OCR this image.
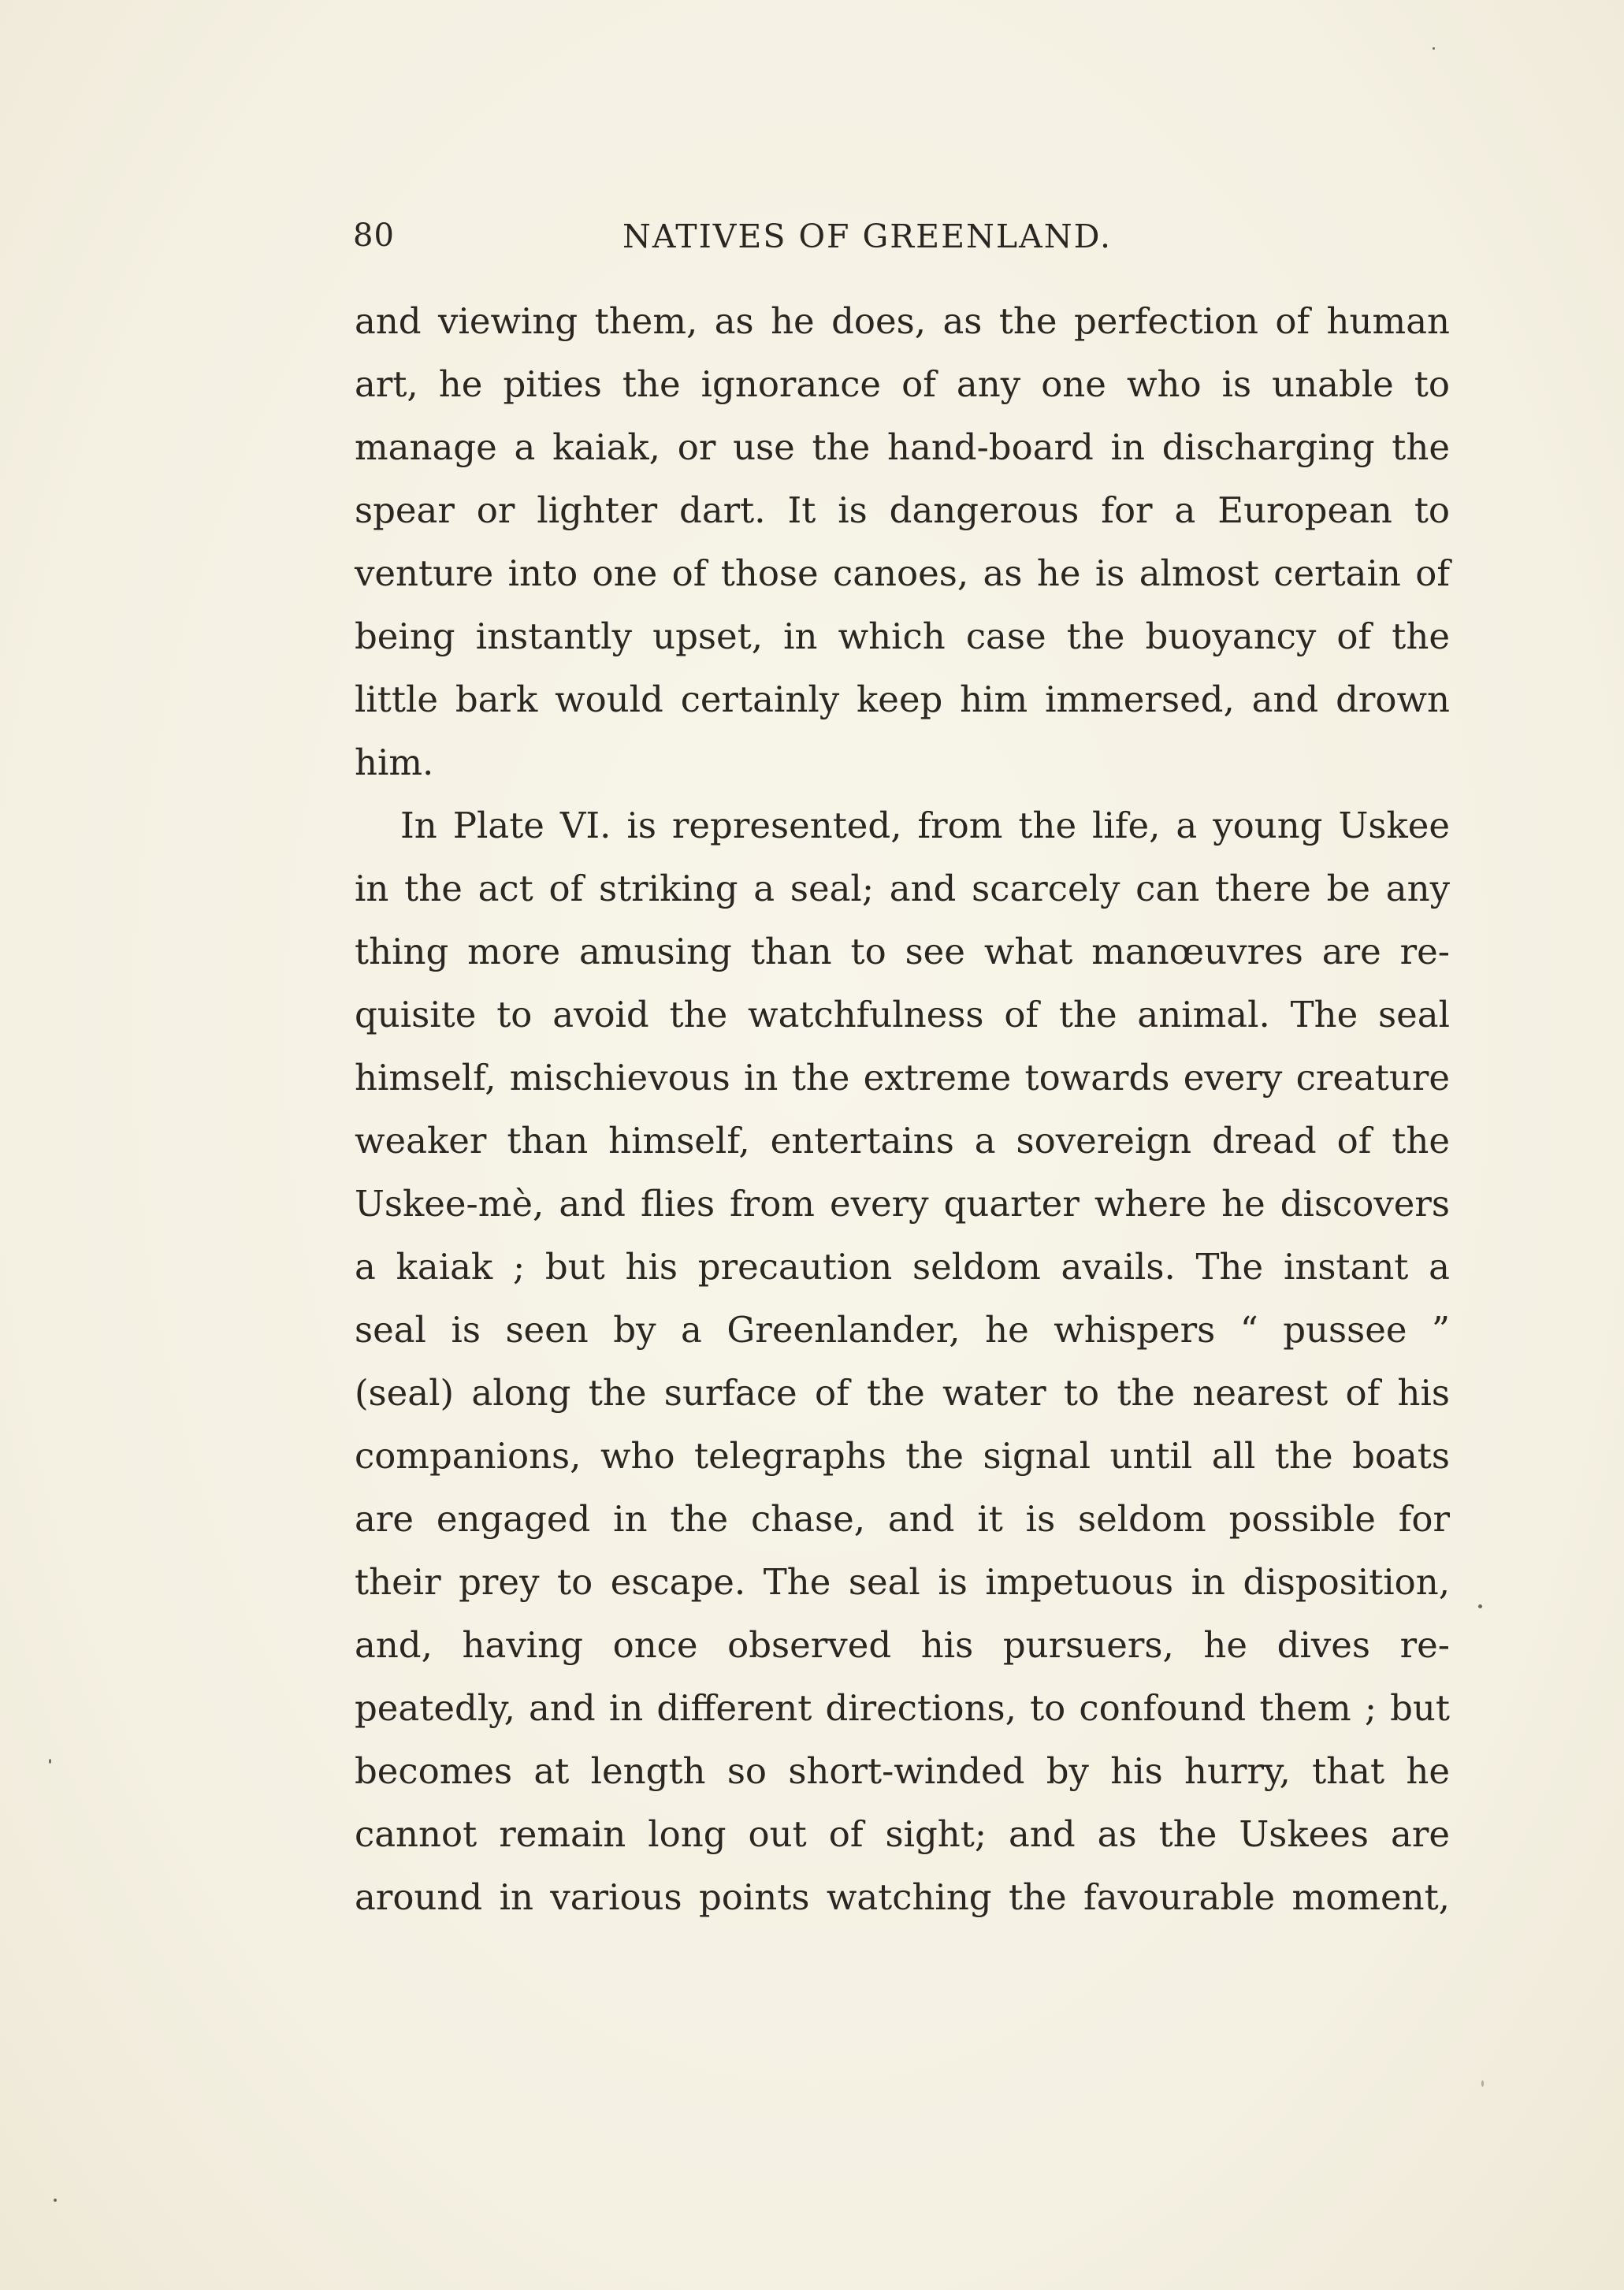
80	NATIVES OF GREENLAND.
and viewing them, as he does, as the perfection of human
art, he pities the ignorance of any one who is unable to
manage a kaiak, or use the hand-board in discharging the
spear or lighter dart. It is dangerous for a European to
venture into one of those canoes, as he is almost certain of
being instantly upset, in which case the buoyancy of the
little bark would certainly keep him immersed, and drown
him.
In Plate VI. is represented, from the life, a young Uskee
in the act of striking a seal; and scarcely can there be any
thing more amusing than to see what manœuvres are re-
quisite to avoid the watchfulness of the animal. The seal
himself, mischievous in the extreme towards every creature
weaker than himself, entertains a sovereign dread of the
Uskee-mè, and flies from every quarter where he discovers
a kaiak ; but his precaution seldom avails. The instant a
seal is seen by a Greenlander, he whispers “ pussee ”
(seal) along the surface of the water to the nearest of his
companions, who telegraphs the signal until all the boats
are engaged in the chase, and it is seldom possible for
their prey to escape. The seal is impetuous in disposition,
and, having once observed his pursuers, he dives re-
peatedly, and in different directions, to confound them ; but
becomes at length so short-winded by his hurry, that he
cannot remain long out of sight; and as the Uskees are
around in various points watching the favourable moment,
